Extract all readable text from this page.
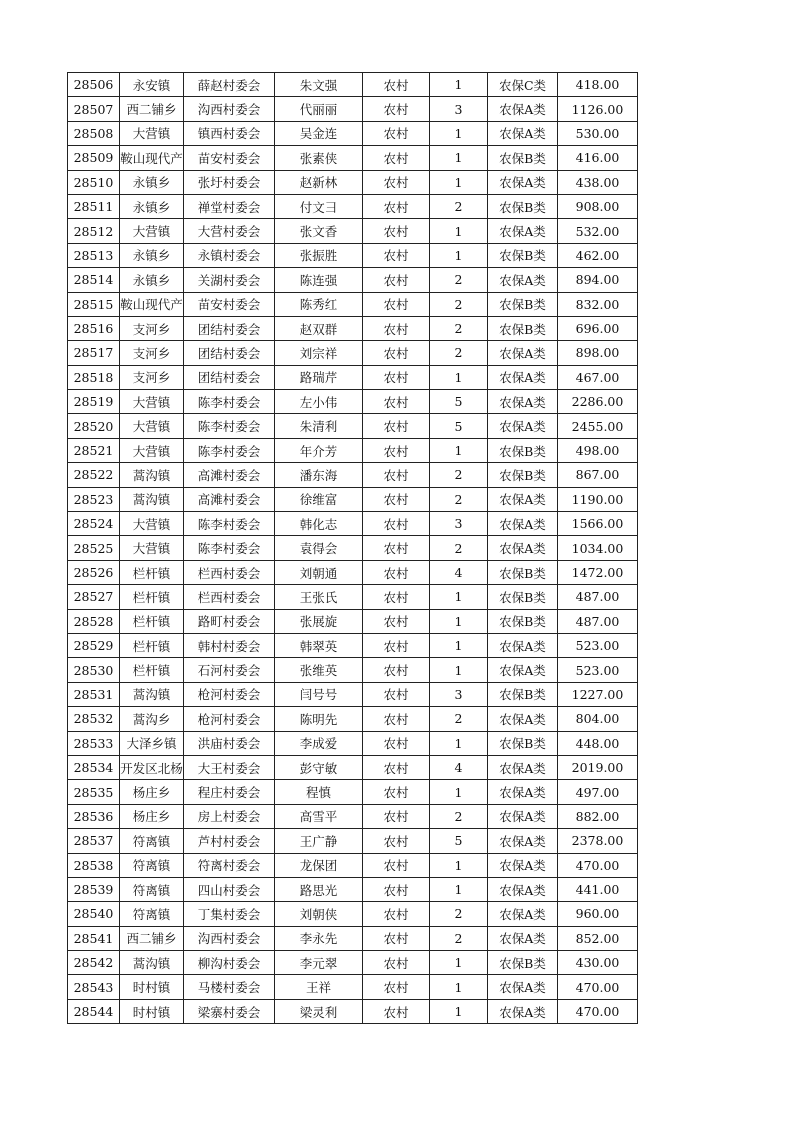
28506	永安镇	薛赵村委会	朱文强	农村	1	农保C类	418.00
28507	西二铺乡	沟西村委会	代丽丽	农村	3	农保A类	1126.00
28508	大营镇	镇西村委会	吴金连	农村	1	农保A类	530.00
28509	鞍山现代产	苗安村委会	张素侠	农村	1	农保B类	416.00
28510	永镇乡	张圩村委会	赵新林	农村	1	农保A类	438.00
28511	永镇乡	禅堂村委会	付文彐	农村	2	农保B类	908.00
28512	大营镇	大营村委会	张文香	农村	1	农保A类	532.00
28513	永镇乡	永镇村委会	张振胜	农村	1	农保B类	462.00
28514	永镇乡	关湖村委会	陈连强	农村	2	农保A类	894.00
28515	鞍山现代产	苗安村委会	陈秀红	农村	2	农保B类	832.00
28516	支河乡	团结村委会	赵双群	农村	2	农保B类	696.00
28517	支河乡	团结村委会	刘宗祥	农村	2	农保A类	898.00
28518	支河乡	团结村委会	路瑞芹	农村	1	农保A类	467.00
28519	大营镇	陈李村委会	左小伟	农村	5	农保A类	2286.00
28520	大营镇	陈李村委会	朱清利	农村	5	农保A类	2455.00
28521	大营镇	陈李村委会	年介芳	农村	1	农保B类	498.00
28522	蒿沟镇	高滩村委会	潘东海	农村	2	农保B类	867.00
28523	蒿沟镇	高滩村委会	徐维富	农村	2	农保A类	1190.00
28524	大营镇	陈李村委会	韩化志	农村	3	农保A类	1566.00
28525	大营镇	陈李村委会	袁得会	农村	2	农保A类	1034.00
28526	栏杆镇	栏西村委会	刘朝通	农村	4	农保B类	1472.00
28527	栏杆镇	栏西村委会	王张氏	农村	1	农保B类	487.00
28528	栏杆镇	路町村委会	张展旋	农村	1	农保B类	487.00
28529	栏杆镇	韩村村委会	韩翠英	农村	1	农保A类	523.00
28530	栏杆镇	石河村委会	张维英	农村	1	农保A类	523.00
28531	蒿沟镇	枪河村委会	闫号号	农村	3	农保B类	1227.00
28532	蒿沟乡	枪河村委会	陈明先	农村	2	农保A类	804.00
28533	大泽乡镇	洪庙村委会	李成爱	农村	1	农保B类	448.00
28534	开发区北杨	大王村委会	彭守敏	农村	4	农保A类	2019.00
28535	杨庄乡	程庄村委会	程慎	农村	1	农保A类	497.00
28536	杨庄乡	房上村委会	高雪平	农村	2	农保A类	882.00
28537	符离镇	芦村村委会	王广静	农村	5	农保A类	2378.00
28538	符离镇	符离村委会	龙保团	农村	1	农保A类	470.00
28539	符离镇	四山村委会	路思光	农村	1	农保A类	441.00
28540	符离镇	丁集村委会	刘朝侠	农村	2	农保A类	960.00
28541	西二铺乡	沟西村委会	李永先	农村	2	农保A类	852.00
28542	蒿沟镇	柳沟村委会	李元翠	农村	1	农保B类	430.00
28543	时村镇	马楼村委会	王祥	农村	1	农保A类	470.00
28544	时村镇	梁寨村委会	梁灵利	农村	1	农保A类	470.00
